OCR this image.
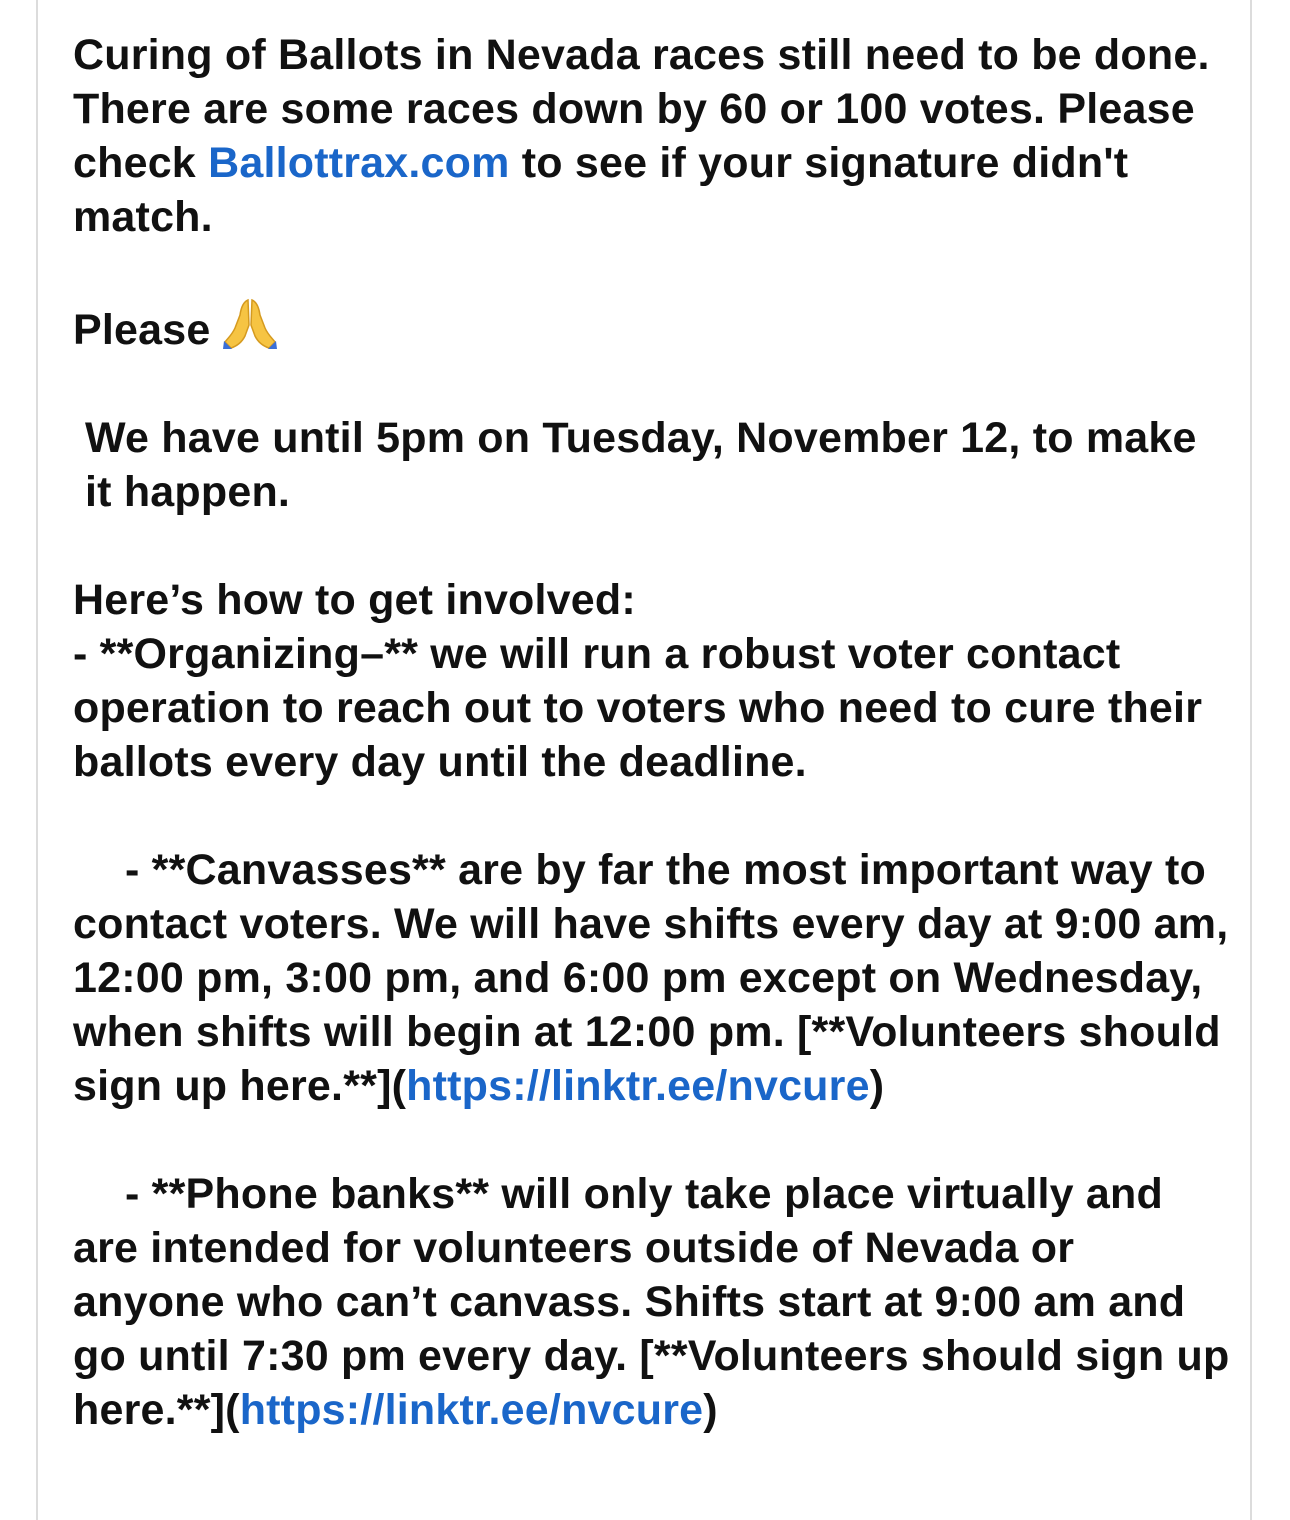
Curing of Ballots in Nevada races still need to be done. There are some races down by 60 or 100 votes. Please check Ballottrax.com to see if your signature didn't match.

Please

We have until 5pm on Tuesday, November 12, to make it happen.

Here’s how to get involved:

- **Organizing–** we will run a robust voter contact operation to reach out to voters who need to cure their ballots every day until the deadline.

- **Canvasses** are by far the most important way to contact voters. We will have shifts every day at 9:00 am, 12:00 pm, 3:00 pm, and 6:00 pm except on Wednesday, when shifts will begin at 12:00 pm. [**Volunteers should sign up here.**](https://linktr.ee/nvcure)

- **Phone banks** will only take place virtually and are intended for volunteers outside of Nevada or anyone who can’t canvass. Shifts start at 9:00 am and go until 7:30 pm every day. [**Volunteers should sign up here.**](https://linktr.ee/nvcure)
